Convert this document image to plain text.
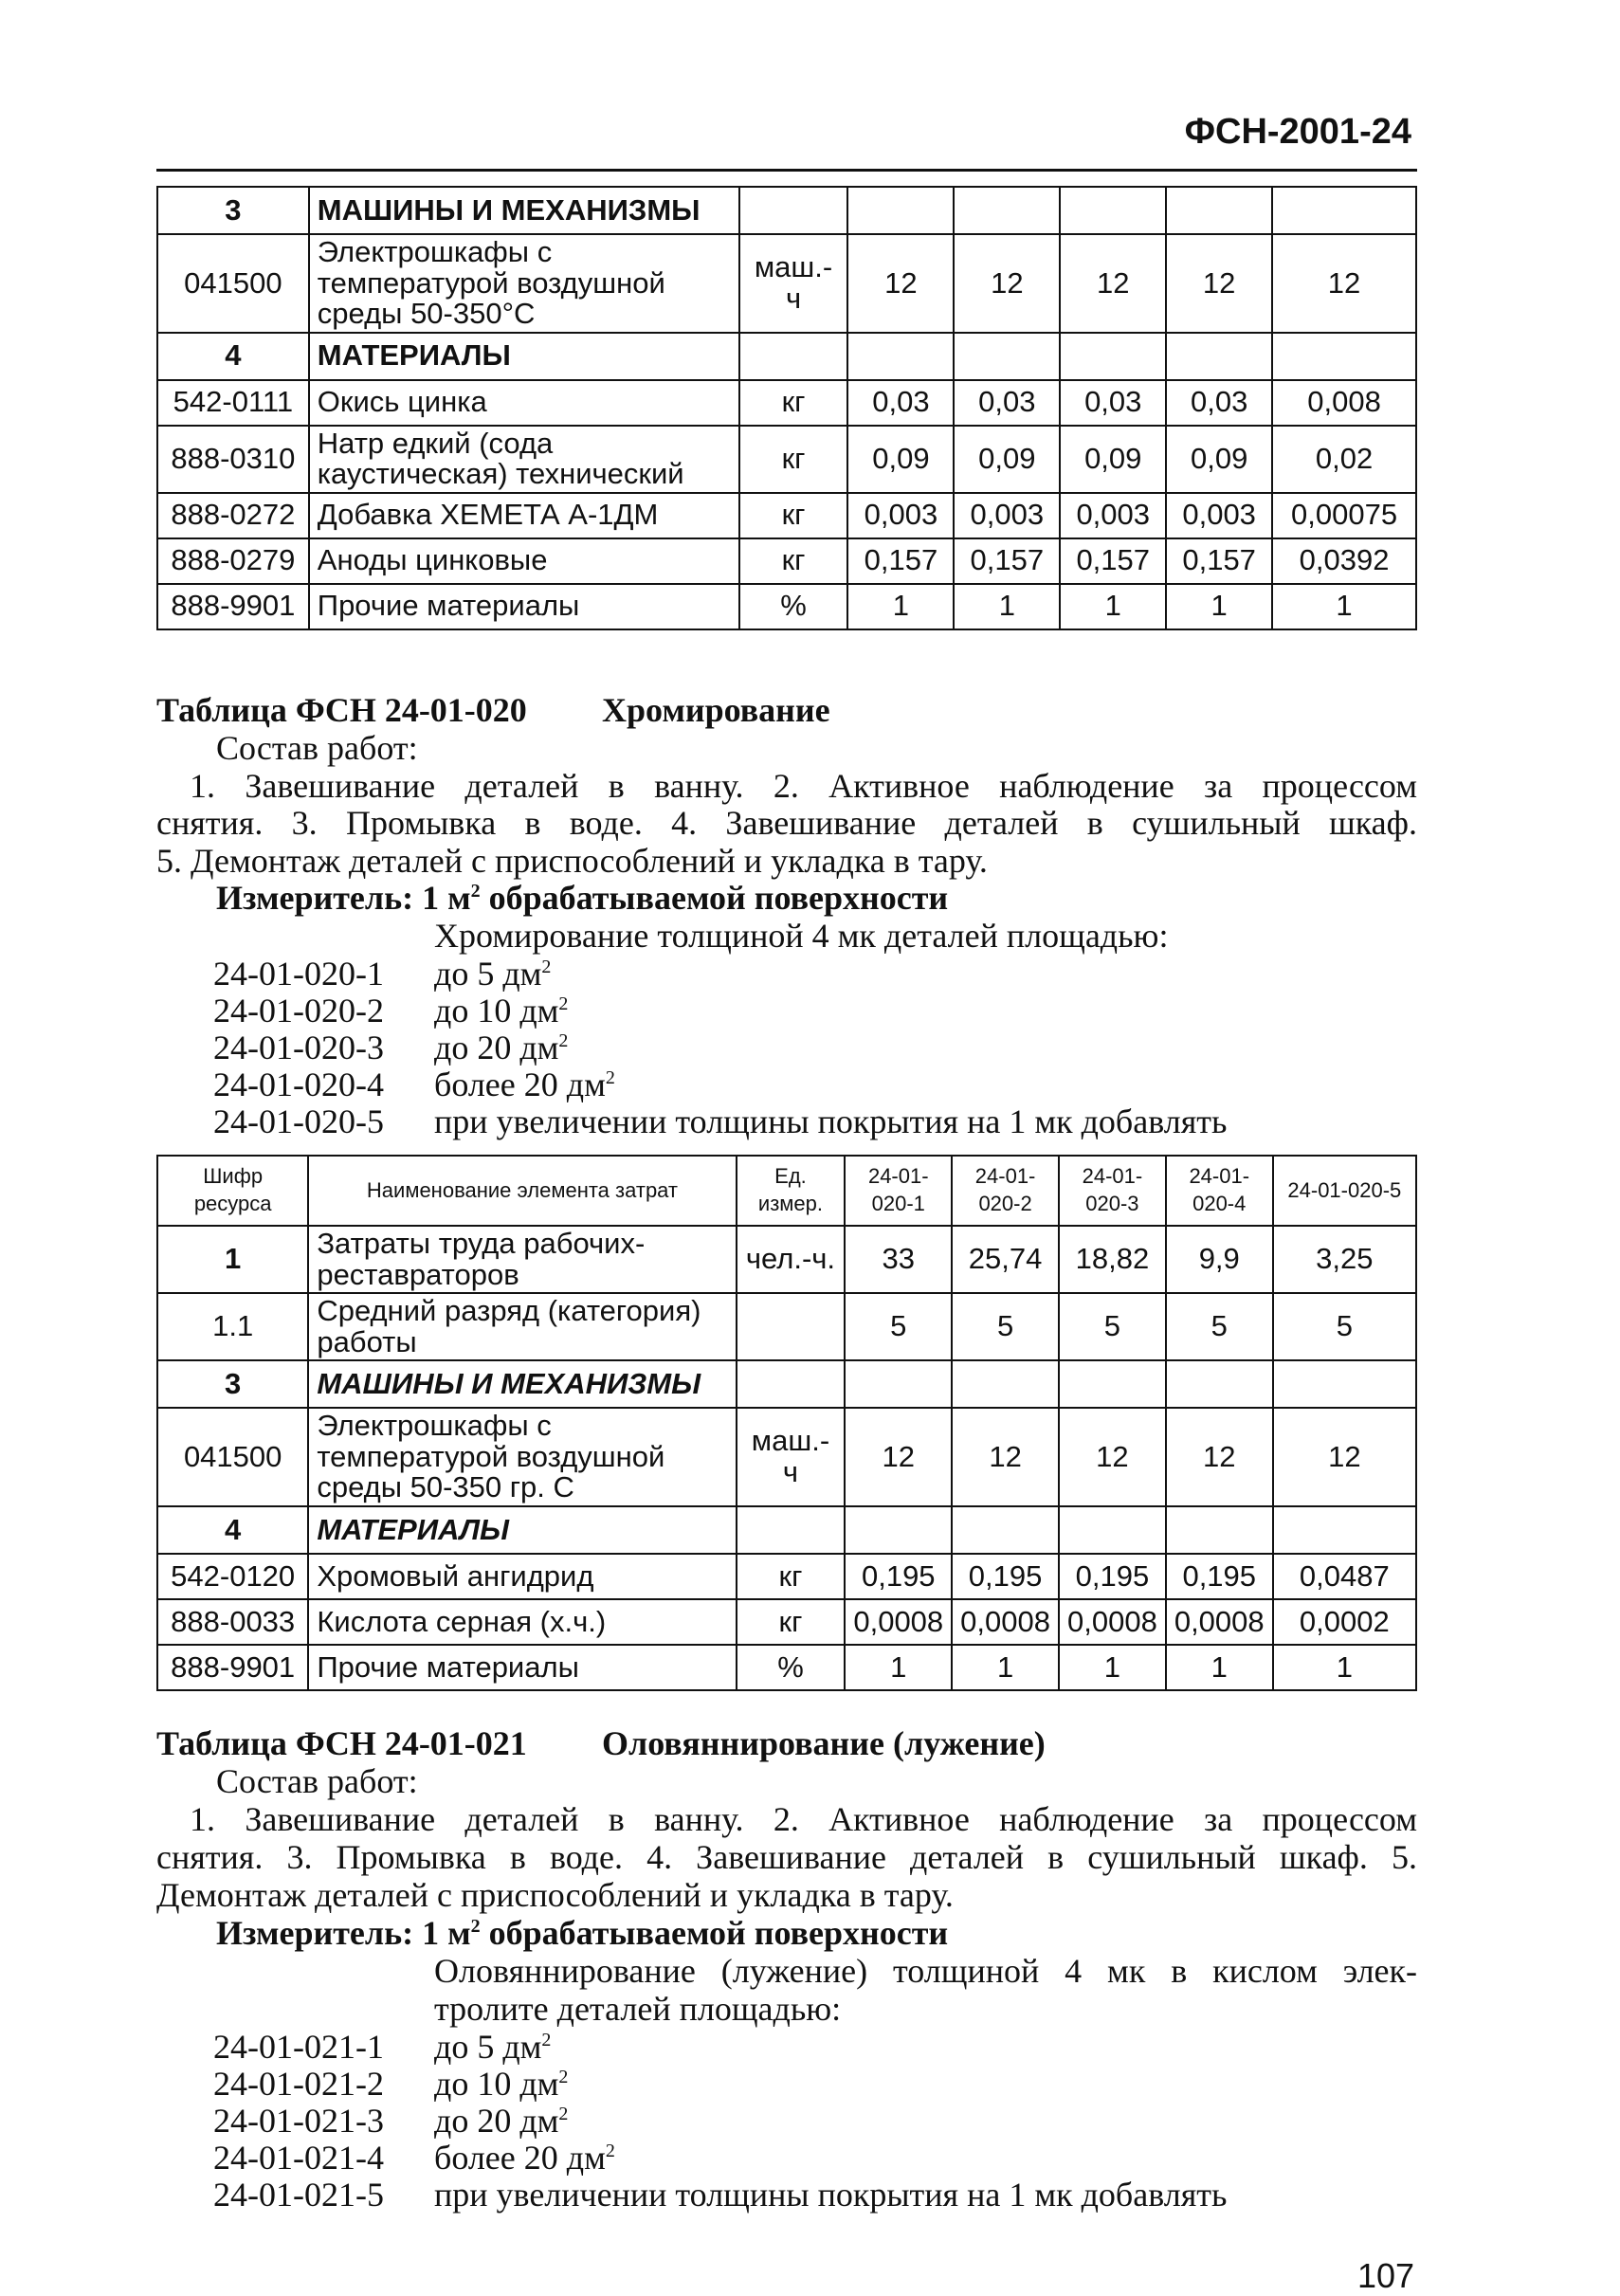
ФСН-2001-24
3	МАШИНЫ И МЕХАНИЗМЫ						
041500	Электрошкафы с температурой воздушной среды 50-350°C	маш.-ч	12	12	12	12	12
4	МАТЕРИАЛЫ						
542-0111	Окись цинка	кг	0,03	0,03	0,03	0,03	0,008
888-0310	Натр едкий (сода каустическая) технический	кг	0,09	0,09	0,09	0,09	0,02
888-0272	Добавка ХЕМЕТА А-1ДМ	кг	0,003	0,003	0,003	0,003	0,00075
888-0279	Аноды цинковые	кг	0,157	0,157	0,157	0,157	0,0392
888-9901	Прочие материалы	%	1	1	1	1	1
Таблица ФСН 24-01-020 Хромирование
Состав работ:
1. Завешивание деталей в ванну. 2. Активное наблюдение за процессом
снятия. 3. Промывка в воде. 4. Завешивание деталей в сушильный шкаф.
5. Демонтаж деталей с приспособлений и укладка в тару.
Измеритель: 1 $м^2$ обрабатываемой поверхности
Хромирование толщиной 4 мк деталей площадью:
24-01-020-1 до 5 $дм^2$
24-01-020-2 до 10 $дм^2$
24-01-020-3 до 20 $дм^2$
24-01-020-4 более 20 $дм^2$
24-01-020-5 при увеличении толщины покрытия на 1 мк добавлять
Шифр ресурса	Наименование элемента затрат	Ед. измер.	24-01-020-1	24-01-020-2	24-01-020-3	24-01-020-4	24-01-020-5
1	Затраты труда рабочих-реставраторов	чел.-ч.	33	25,74	18,82	9,9	3,25
1.1	Средний разряд (категория) работы		5	5	5	5	5
3	МАШИНЫ И МЕХАНИЗМЫ						
041500	Электрошкафы с температурой воздушной среды 50-350 гр. С	маш.-ч	12	12	12	12	12
4	МАТЕРИАЛЫ						
542-0120	Хромовый ангидрид	кг	0,195	0,195	0,195	0,195	0,0487
888-0033	Кислота серная (х.ч.)	кг	0,0008	0,0008	0,0008	0,0008	0,0002
888-9901	Прочие материалы	%	1	1	1	1	1
Таблица ФСН 24-01-021 Оловяннирование (лужение)
Состав работ:
1. Завешивание деталей в ванну. 2. Активное наблюдение за процессом
снятия. 3. Промывка в воде. 4. Завешивание деталей в сушильный шкаф. 5.
Демонтаж деталей с приспособлений и укладка в тару.
Измеритель: 1 $м^2$ обрабатываемой поверхности
Оловяннирование (лужение) толщиной 4 мк в кислом элек-
тролите деталей площадью:
24-01-021-1 до 5 $дм^2$
24-01-021-2 до 10 $дм^2$
24-01-021-3 до 20 $дм^2$
24-01-021-4 более 20 $дм^2$
24-01-021-5 при увеличении толщины покрытия на 1 мк добавлять
107
